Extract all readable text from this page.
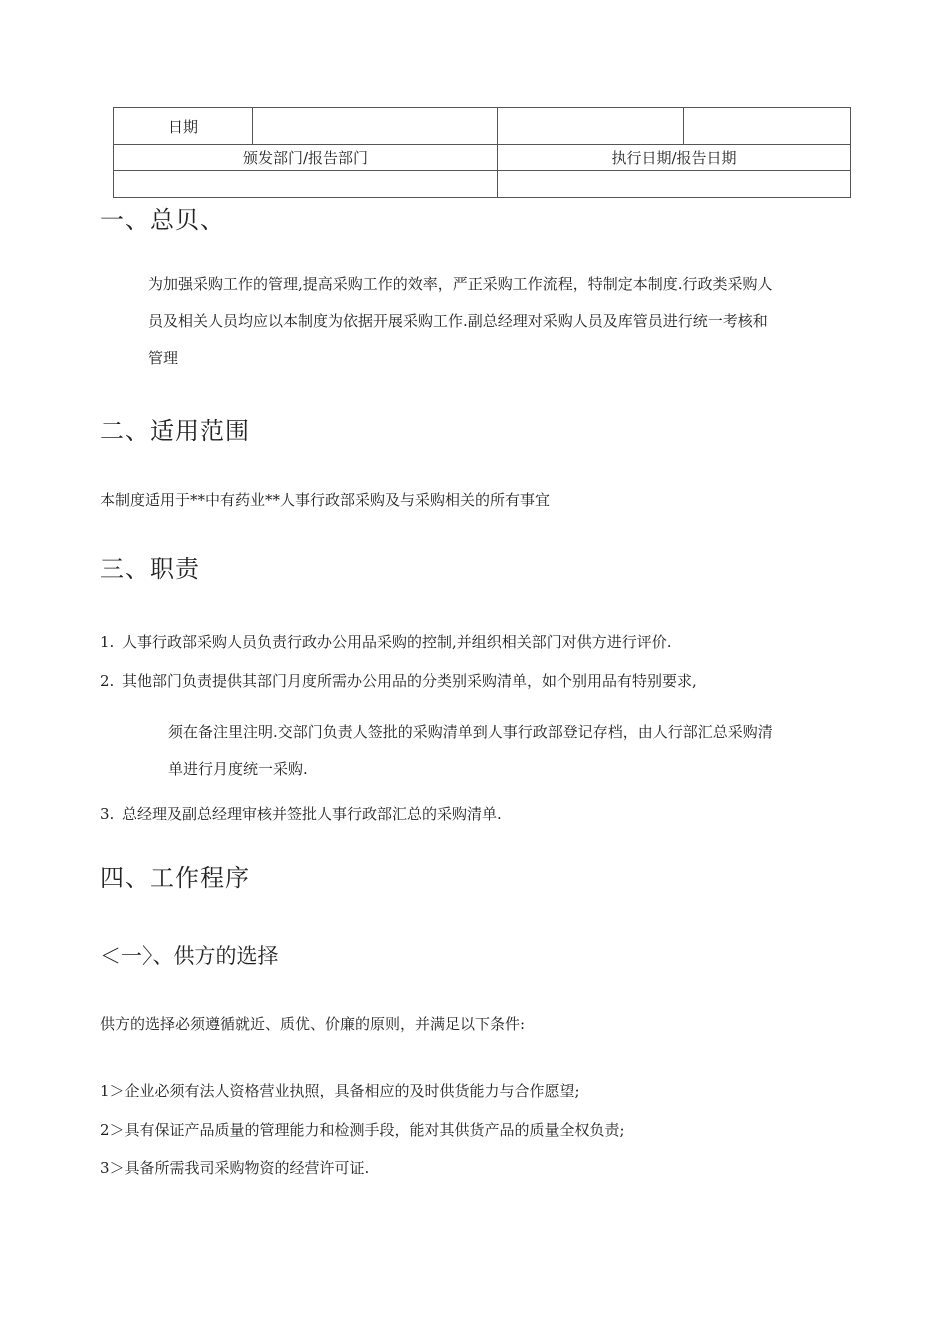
日期			
颁发部门/报告部门		执行日期/报告日期	

一、总贝、
为加强采购工作的管理,提高采购工作的效率，严正采购工作流程，特制定本制度.行政类采购人
员及相关人员均应以本制度为依据开展采购工作.副总经理对采购人员及库管员进行统一考核和
管理
二、适用范围
本制度适用于**中有药业**人事行政部采购及与采购相关的所有事宜
三、职责
1. 人事行政部采购人员负责行政办公用品采购的控制,并组织相关部门对供方进行评价.
2. 其他部门负责提供其部门月度所需办公用品的分类别采购清单，如个别用品有特别要求,
须在备注里注明.交部门负责人签批的采购清单到人事行政部登记存档，由人行部汇总采购清
单进行月度统一采购.
3. 总经理及副总经理审核并签批人事行政部汇总的采购清单.
四、工作程序
＜一〉、供方的选择
供方的选择必须遵循就近、质优、价廉的原则，并满足以下条件:
1＞企业必须有法人资格营业执照，具备相应的及时供货能力与合作愿望;
2＞具有保证产品质量的管理能力和检测手段，能对其供货产品的质量全权负责;
3＞具备所需我司采购物资的经营许可证.
